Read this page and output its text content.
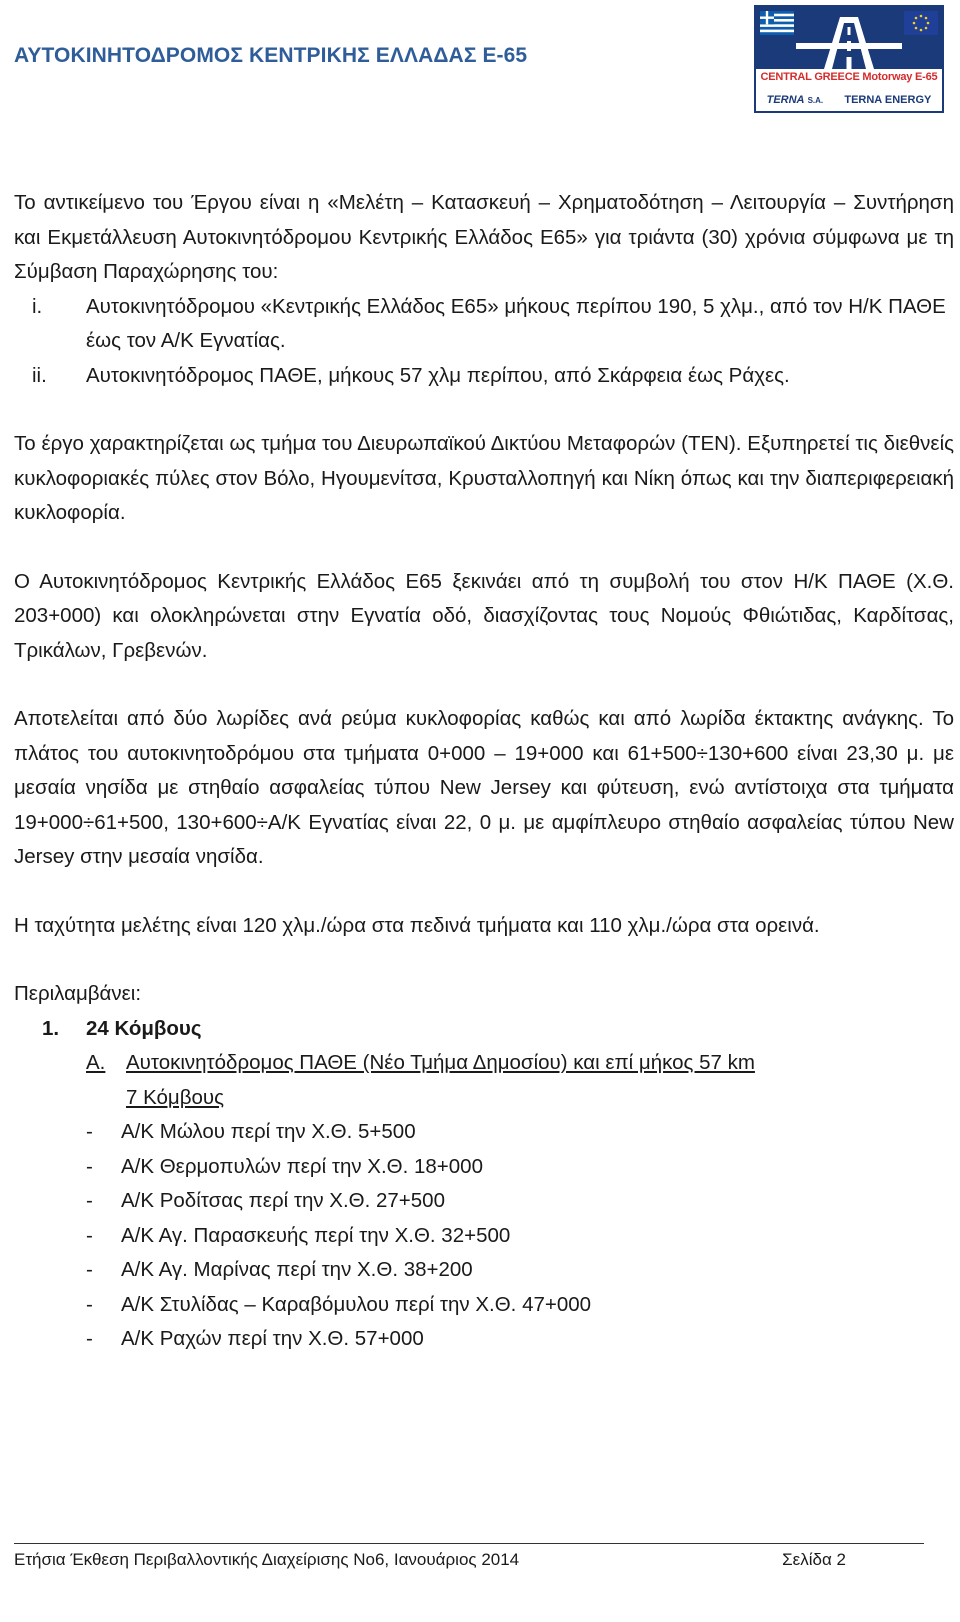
ΑΥΤΟΚΙΝΗΤΟΔΡΟΜΟΣ ΚΕΝΤΡΙΚΗΣ ΕΛΛΑΔΑΣ Ε-65
CENTRAL GREECE Motorway E-65
TERNA S.A. TERNA ENERGY

Το αντικείμενο του Έργου είναι η «Μελέτη – Κατασκευή – Χρηματοδότηση – Λειτουργία – Συντήρηση και Εκμετάλλευση Αυτοκινητόδρομου Κεντρικής Ελλάδος Ε65» για τριάντα (30) χρόνια σύμφωνα με τη Σύμβαση Παραχώρησης του:

i. Αυτοκινητόδρομου «Κεντρικής Ελλάδος Ε65» μήκους περίπου 190, 5 χλμ., από τον Η/Κ ΠΑΘΕ έως τον Α/Κ Εγνατίας.
ii. Αυτοκινητόδρομος ΠΑΘΕ, μήκους 57 χλμ περίπου, από Σκάρφεια έως Ράχες.

Το έργο χαρακτηρίζεται ως τμήμα του Διευρωπαϊκού Δικτύου Μεταφορών (ΤΕΝ). Εξυπηρετεί τις διεθνείς κυκλοφοριακές πύλες στον Βόλο, Ηγουμενίτσα, Κρυσταλλοπηγή και Νίκη όπως και την διαπεριφερειακή κυκλοφορία.

Ο Αυτοκινητόδρομος Κεντρικής Ελλάδος Ε65 ξεκινάει από τη συμβολή του στον Η/Κ ΠΑΘΕ (Χ.Θ. 203+000) και ολοκληρώνεται στην Εγνατία οδό, διασχίζοντας τους Νομούς Φθιώτιδας, Καρδίτσας, Τρικάλων, Γρεβενών.

Αποτελείται από δύο λωρίδες ανά ρεύμα κυκλοφορίας καθώς και από λωρίδα έκτακτης ανάγκης. Το πλάτος του αυτοκινητοδρόμου στα τμήματα 0+000 – 19+000 και 61+500÷130+600 είναι 23,30 μ. με μεσαία νησίδα με στηθαίο ασφαλείας τύπου New Jersey και φύτευση, ενώ αντίστοιχα στα τμήματα 19+000÷61+500, 130+600÷Α/Κ Εγνατίας είναι 22, 0 μ. με αμφίπλευρο στηθαίο ασφαλείας τύπου New Jersey στην μεσαία νησίδα.

Η ταχύτητα μελέτης είναι 120 χλμ./ώρα στα πεδινά τμήματα και 110 χλμ./ώρα στα ορεινά.

Περιλαμβάνει:

1. 24 Κόμβους
Α. Αυτοκινητόδρομος ΠΑΘΕ (Νέο Τμήμα Δημοσίου) και επί μήκος 57 km
7 Κόμβους
- Α/Κ Μώλου περί την Χ.Θ. 5+500
- Α/Κ Θερμοπυλών περί την Χ.Θ. 18+000
- Α/Κ Ροδίτσας περί την Χ.Θ. 27+500
- Α/Κ Αγ. Παρασκευής περί την Χ.Θ. 32+500
- Α/Κ Αγ. Μαρίνας περί την Χ.Θ. 38+200
- Α/Κ Στυλίδας – Καραβόμυλου περί την Χ.Θ. 47+000
- Α/Κ Ραχών περί την Χ.Θ. 57+000
Ετήσια Έκθεση Περιβαλλοντικής Διαχείρισης Νο6, Ιανουάριος 2014	Σελίδα 2
